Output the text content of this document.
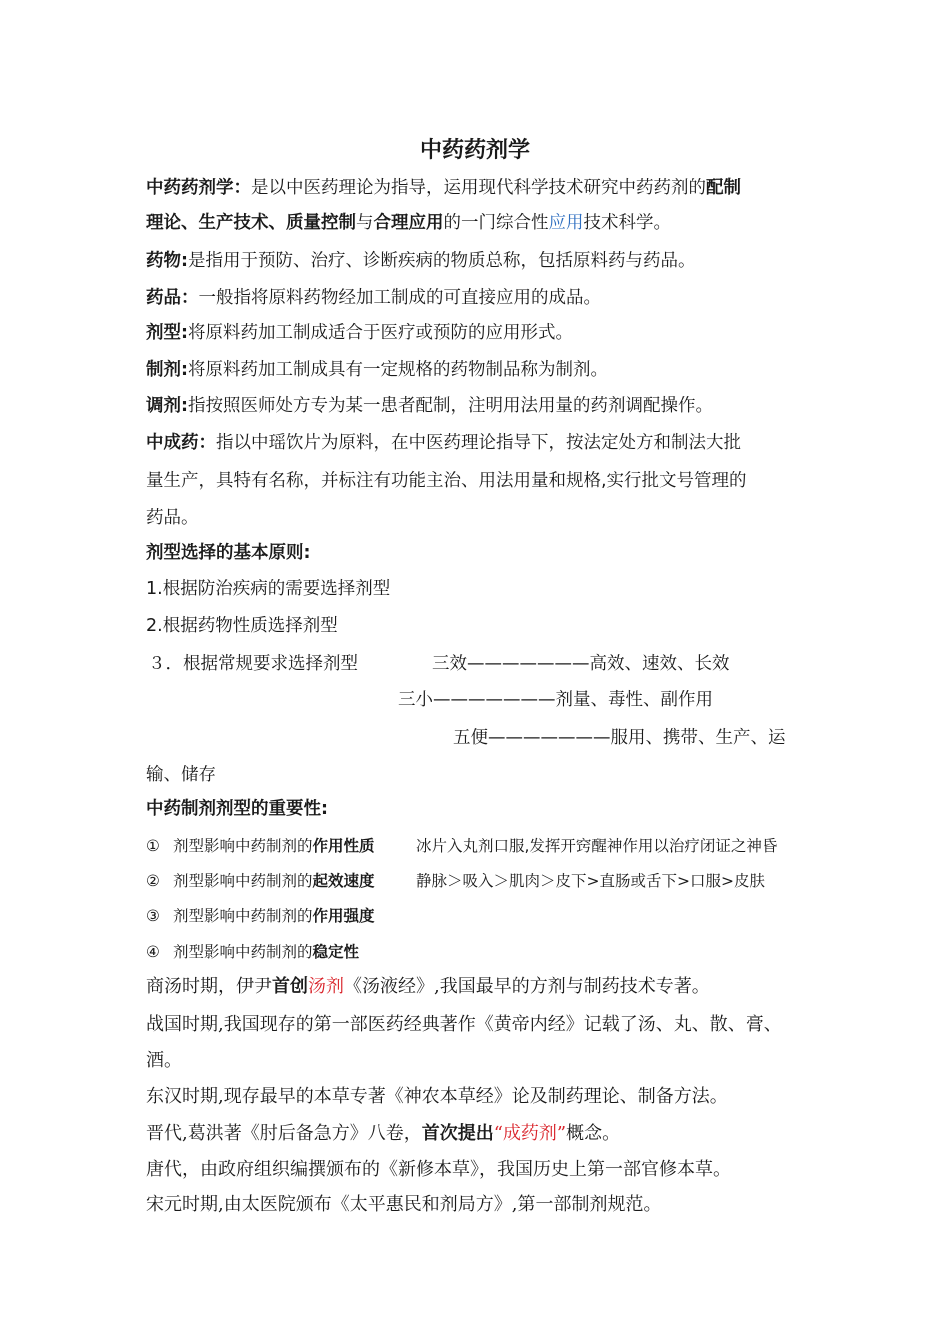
中药药剂学
中药药剂学：是以中医药理论为指导，运用现代科学技术研究中药药剂的配制
理论、生产技术、质量控制与合理应用的一门综合性应用技术科学。
药物:是指用于预防、治疗、诊断疾病的物质总称，包括原料药与药品。
药品：一般指将原料药物经加工制成的可直接应用的成品。
剂型:将原料药加工制成适合于医疗或预防的应用形式。
制剂:将原料药加工制成具有一定规格的药物制品称为制剂。
调剂:指按照医师处方专为某一患者配制，注明用法用量的药剂调配操作。
中成药：指以中瑶饮片为原料，在中医药理论指导下，按法定处方和制法大批
量生产，具特有名称，并标注有功能主治、用法用量和规格,实行批文号管理的
药品。
剂型选择的基本原则:
1.根据防治疾病的需要选择剂型
2.根据药物性质选择剂型
３．根据常规要求选择剂型	三效———————高效、速效、长效
三小———————剂量、毒性、副作用
五便———————服用、携带、生产、运
输、储存
中药制剂剂型的重要性:
① 剂型影响中药制剂的作用性质	冰片入丸剂口服,发挥开窍醒神作用以治疗闭证之神昏
② 剂型影响中药制剂的起效速度	静脉＞吸入＞肌肉＞皮下>直肠或舌下>口服>皮肤
③ 剂型影响中药制剂的作用强度
④ 剂型影响中药制剂的稳定性
商汤时期，伊尹首创汤剂《汤液经》,我国最早的方剂与制药技术专著。
战国时期,我国现存的第一部医药经典著作《黄帝内经》记载了汤、丸、散、膏、
酒。
东汉时期,现存最早的本草专著《神农本草经》论及制药理论、制备方法。
晋代,葛洪著《肘后备急方》八卷，首次提出“成药剂”概念。
唐代，由政府组织编撰颁布的《新修本草》，我国历史上第一部官修本草。
宋元时期,由太医院颁布《太平惠民和剂局方》,第一部制剂规范。
